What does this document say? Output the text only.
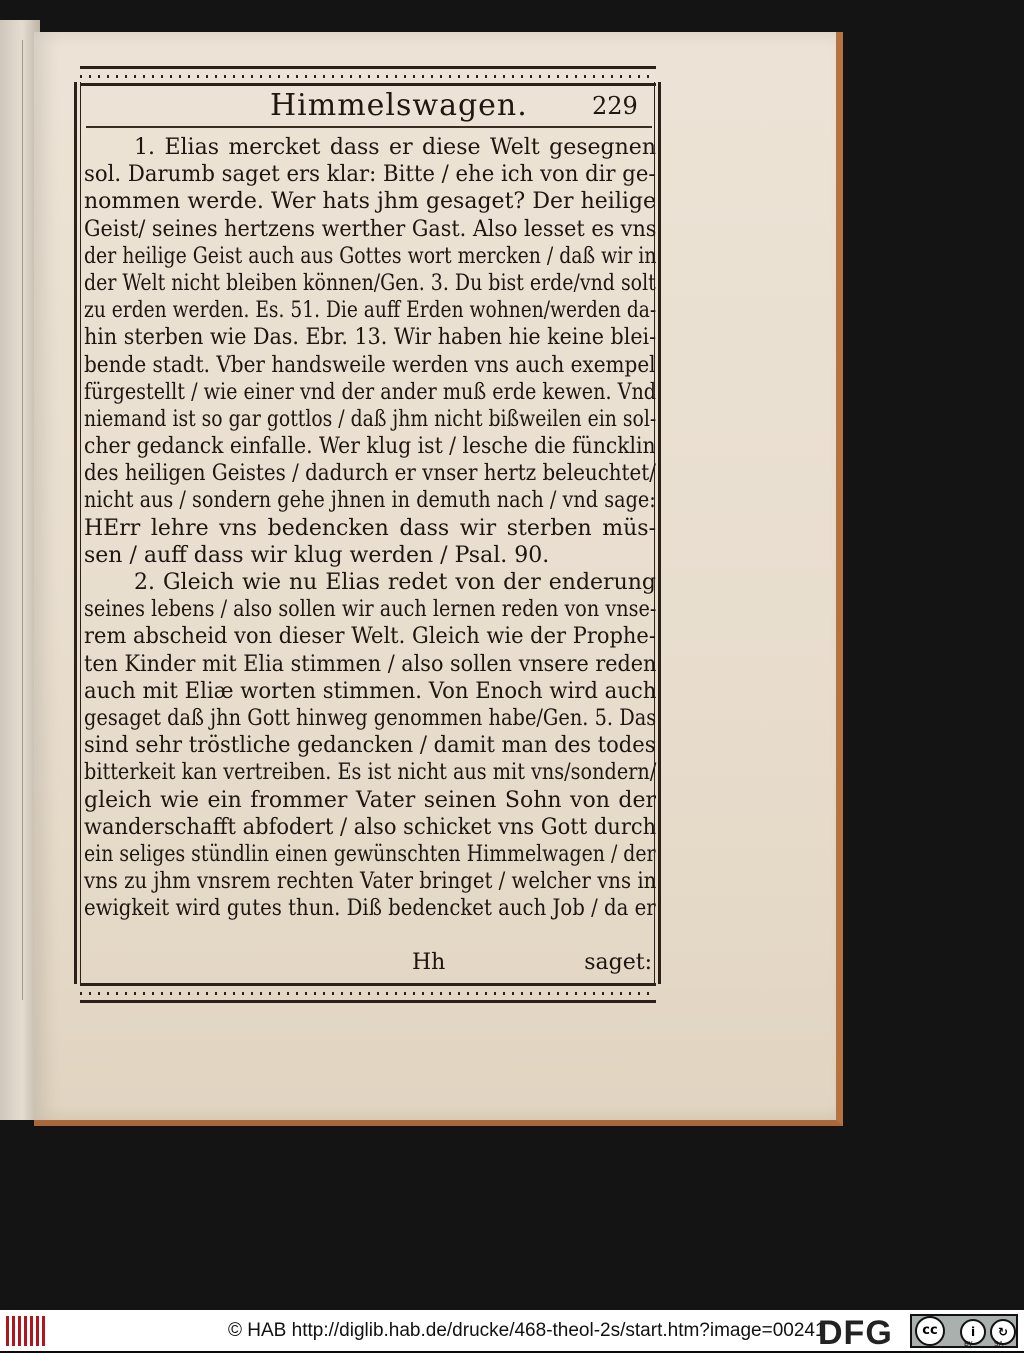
Himmelswagen.	229
1. Elias mercket dass er diese Welt gesegnen
sol. Darumb saget ers klar: Bitte / ehe ich von dir ge-
nommen werde. Wer hats jhm gesaget? Der heilige
Geist/ seines hertzens werther Gast. Also lesset es vns
der heilige Geist auch aus Gottes wort mercken / daß wir in
der Welt nicht bleiben können/Gen. 3. Du bist erde/vnd solt
zu erden werden. Es. 51. Die auff Erden wohnen/werden da-
hin sterben wie Das. Ebr. 13. Wir haben hie keine blei-
bende stadt. Vber handsweile werden vns auch exempel
fürgestellt / wie einer vnd der ander muß erde kewen. Vnd
niemand ist so gar gottlos / daß jhm nicht bißweilen ein sol-
cher gedanck einfalle. Wer klug ist / lesche die füncklin
des heiligen Geistes / dadurch er vnser hertz beleuchtet/
nicht aus / sondern gehe jhnen in demuth nach / vnd sage:
HErr lehre vns bedencken dass wir sterben müs-
sen / auff dass wir klug werden / Psal. 90.
2. Gleich wie nu Elias redet von der enderung
seines lebens / also sollen wir auch lernen reden von vnse-
rem abscheid von dieser Welt. Gleich wie der Prophe-
ten Kinder mit Elia stimmen / also sollen vnsere reden
auch mit Eliæ worten stimmen. Von Enoch wird auch
gesaget daß jhn Gott hinweg genommen habe/Gen. 5. Das
sind sehr tröstliche gedancken / damit man des todes
bitterkeit kan vertreiben. Es ist nicht aus mit vns/sondern/
gleich wie ein frommer Vater seinen Sohn von der
wanderschafft abfodert / also schicket vns Gott durch
ein seliges stündlin einen gewünschten Himmelwagen / der
vns zu jhm vnsrem rechten Vater bringet / welcher vns in
ewigkeit wird gutes thun. Diß bedencket auch Job / da er
Hh	saget:
© HAB http://diglib.hab.de/drucke/468-theol-2s/start.htm?image=00241
DFG	cc	i	↻
BY	SA
